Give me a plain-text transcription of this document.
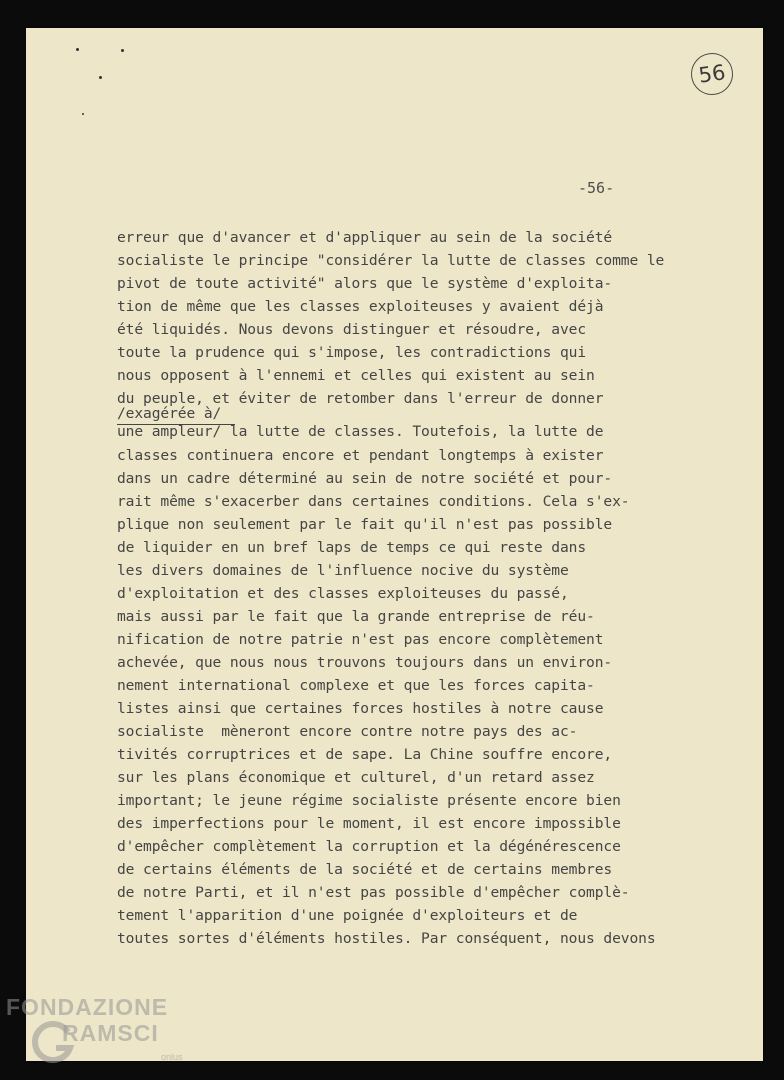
56
-56-
erreur que d'avancer et d'appliquer au sein de la société
socialiste le principe "considérer la lutte de classes comme le
pivot de toute activité" alors que le système d'exploita-
tion de même que les classes exploiteuses y avaient déjà
été liquidés. Nous devons distinguer et résoudre, avec
toute la prudence qui s'impose, les contradictions qui
nous opposent à l'ennemi et celles qui existent au sein
du peuple, et éviter de retomber dans l'erreur de donner
/exagérée à/
une ampleur/ la lutte de classes. Toutefois, la lutte de
classes continuera encore et pendant longtemps à exister
dans un cadre déterminé au sein de notre société et pour-
rait même s'exacerber dans certaines conditions. Cela s'ex-
plique non seulement par le fait qu'il n'est pas possible
de liquider en un bref laps de temps ce qui reste dans
les divers domaines de l'influence nocive du système
d'exploitation et des classes exploiteuses du passé,
mais aussi par le fait que la grande entreprise de réu-
nification de notre patrie n'est pas encore complètement
achevée, que nous nous trouvons toujours dans un environ-
nement international complexe et que les forces capita-
listes ainsi que certaines forces hostiles à notre cause
socialiste  mèneront encore contre notre pays des ac-
tivités corruptrices et de sape. La Chine souffre encore,
sur les plans économique et culturel, d'un retard assez
important; le jeune régime socialiste présente encore bien
des imperfections pour le moment, il est encore impossible
d'empêcher complètement la corruption et la dégénérescence
de certains éléments de la société et de certains membres
de notre Parti, et il n'est pas possible d'empêcher complè-
tement l'apparition d'une poignée d'exploiteurs et de
toutes sortes d'éléments hostiles. Par conséquent, nous devons
FONDAZIONE
RAMSCI
onlus
